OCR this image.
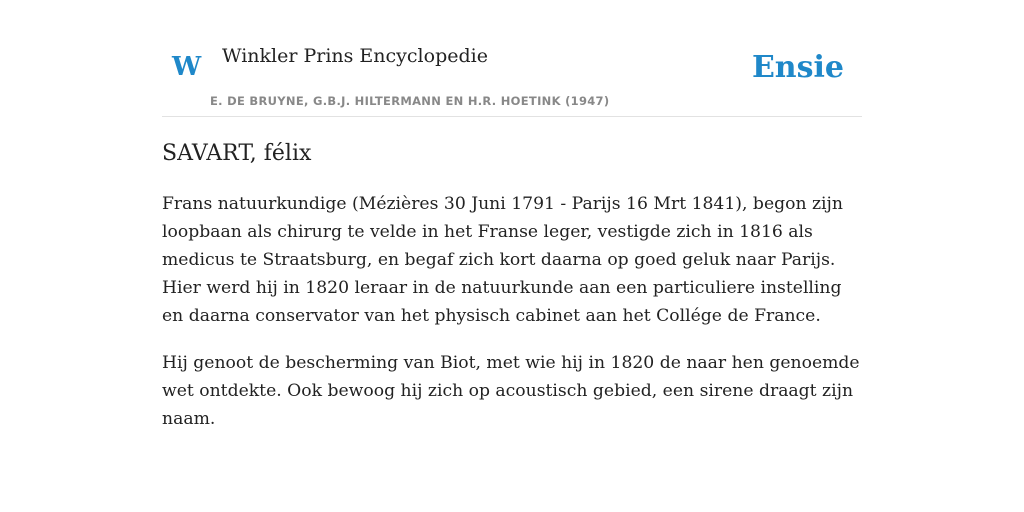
W Winkler Prins Encyclopedie
E. DE BRUYNE, G.B.J. HILTERMANN EN H.R. HOETINK (1947)
Ensie
SAVART, félix

Frans natuurkundige (Mézières 30 Juni 1791 - Parijs 16 Mrt 1841), begon zijn loopbaan als chirurg te velde in het Franse leger, vestigde zich in 1816 als medicus te Straatsburg, en begaf zich kort daarna op goed geluk naar Parijs. Hier werd hij in 1820 leraar in de natuurkunde aan een particuliere instelling en daarna conservator van het physisch cabinet aan het Collége de France.

Hij genoot de bescherming van Biot, met wie hij in 1820 de naar hen genoemde wet ontdekte. Ook bewoog hij zich op acoustisch gebied, een sirene draagt zijn naam.
